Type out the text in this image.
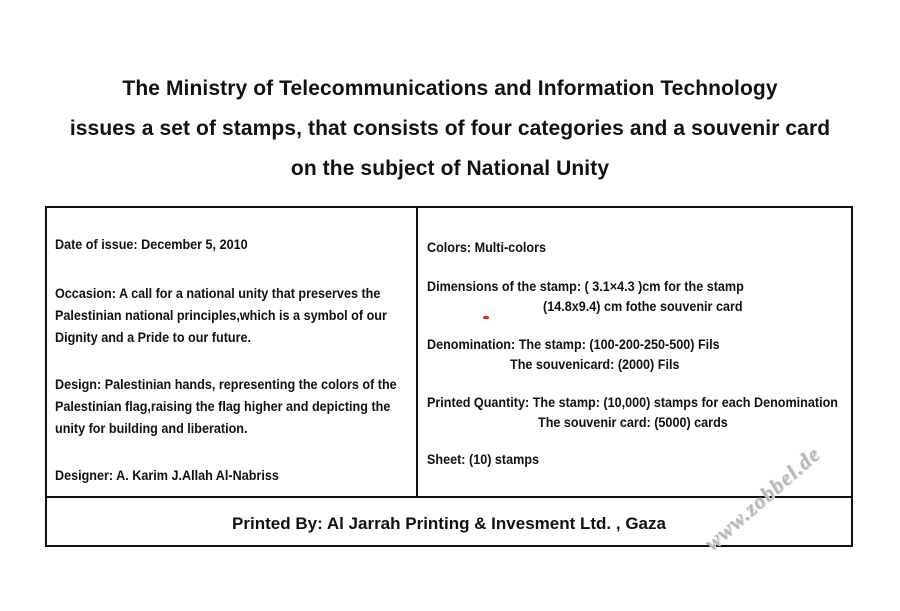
The Ministry of Telecommunications and Information Technology
issues a set of stamps, that consists of four categories and a souvenir card
on the subject of National Unity
Date of issue: December 5, 2010
Occasion: A call for a national unity that preserves the
Palestinian national principles,which is a symbol of our
Dignity and a Pride to our future.
Design: Palestinian hands, representing the colors of the
Palestinian flag,raising the flag higher and depicting the
unity for building and liberation.
Designer: A. Karim J.Allah Al-Nabriss
Colors: Multi-colors
Dimensions of the stamp: ( 3.1×4.3 )cm for the stamp
(14.8x9.4) cm fothe souvenir card
Denomination: The stamp: (100-200-250-500) Fils
The souvenicard: (2000) Fils
Printed Quantity: The stamp: (10,000) stamps for each Denomination
The souvenir card: (5000) cards
Sheet: (10) stamps
Printed By: Al Jarrah Printing & Invesment Ltd. , Gaza	www.zobbel.de
